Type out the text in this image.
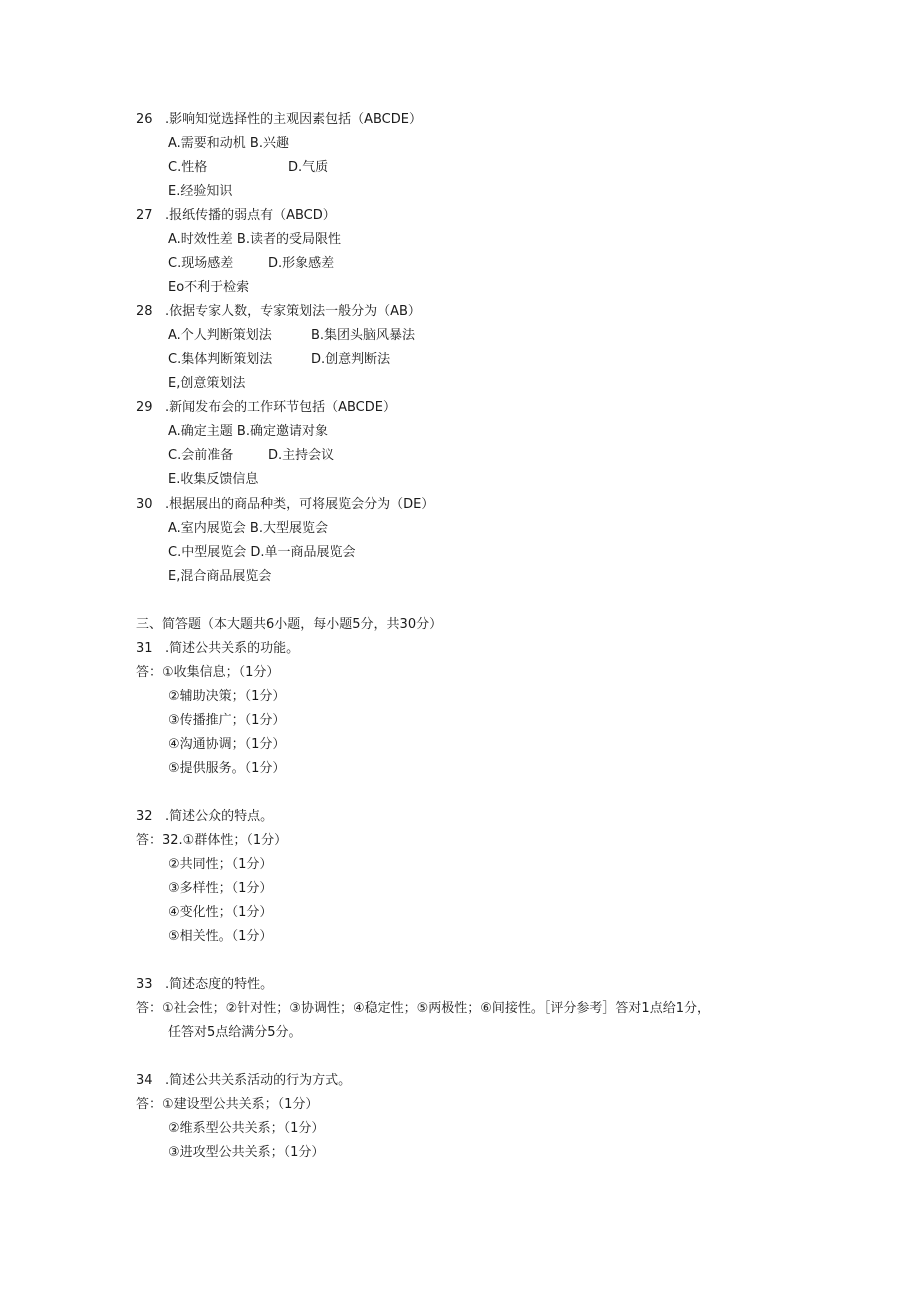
26 .影响知觉选择性的主观因素包括（ABCDE）
A.需要和动机 B.兴趣
C.性格	D.气质
E.经验知识
27 .报纸传播的弱点有（ABCD）
A.时效性差 B.读者的受局限性
C.现场感差	D.形象感差
Eo不利于检索
28 .依据专家人数，专家策划法一般分为（AB）
A.个人判断策划法	B.集团头脑风暴法
C.集体判断策划法	D.创意判断法
E,创意策划法
29 .新闻发布会的工作环节包括（ABCDE）
A.确定主题 B.确定邀请对象
C.会前准备	D.主持会议
E.收集反馈信息
30 .根据展出的商品种类，可将展览会分为（DE）
A.室内展览会 B.大型展览会
C.中型展览会 D.单一商品展览会
E,混合商品展览会
三、简答题（本大题共6小题，每小题5分，共30分）
31 .简述公共关系的功能。
答：①收集信息；（1分）
②辅助决策；（1分）
③传播推广；（1分）
④沟通协调；（1分）
⑤提供服务。（1分）
32 .简述公众的特点。
答：32.①群体性；（1分）
②共同性；（1分）
③多样性；（1分）
④变化性；（1分）
⑤相关性。（1分）
33 .简述态度的特性。
答：①社会性；②针对性；③协调性；④稳定性；⑤两极性；⑥间接性。［评分参考］答对1点给1分，
任答对5点给满分5分。
34 .简述公共关系活动的行为方式。
答：①建设型公共关系；（1分）
②维系型公共关系；（1分）
③进攻型公共关系；（1分）
